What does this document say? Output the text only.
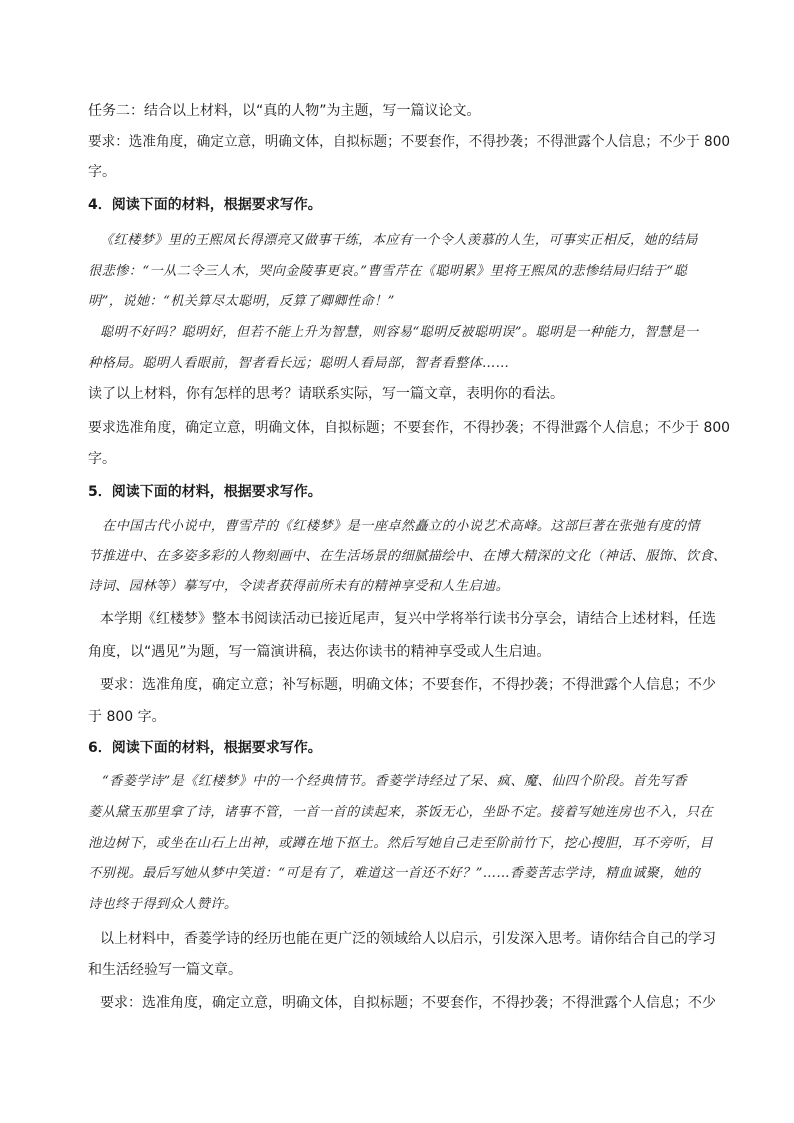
任务二：结合以上材料，以“真的人物”为主题，写一篇议论文。
要求：选准角度，确定立意，明确文体，自拟标题；不要套作，不得抄袭；不得泄露个人信息；不少于 800
字。
4．阅读下面的材料，根据要求写作。
《红楼梦》里的王熙凤长得漂亮又做事干练，本应有一个令人羡慕的人生，可事实正相反，她的结局
很悲惨：“一从二令三人木，哭向金陵事更哀。”曹雪芹在《聪明累》里将王熙凤的悲惨结局归结于“聪
明”，说她：“机关算尽太聪明，反算了卿卿性命！”
聪明不好吗？聪明好，但若不能上升为智慧，则容易“聪明反被聪明误”。聪明是一种能力，智慧是一
种格局。聪明人看眼前，智者看长远；聪明人看局部，智者看整体……
读了以上材料，你有怎样的思考？请联系实际，写一篇文章，表明你的看法。
要求选准角度，确定立意，明确文体，自拟标题；不要套作，不得抄袭；不得泄露个人信息；不少于 800
字。
5．阅读下面的材料，根据要求写作。
在中国古代小说中，曹雪芹的《红楼梦》是一座卓然矗立的小说艺术高峰。这部巨著在张弛有度的情
节推进中、在多姿多彩的人物刻画中、在生活场景的细腻描绘中、在博大精深的文化（神话、服饰、饮食、
诗词、园林等）摹写中，令读者获得前所未有的精神享受和人生启迪。
本学期《红楼梦》整本书阅读活动已接近尾声，复兴中学将举行读书分享会，请结合上述材料，任选
角度，以“遇见”为题，写一篇演讲稿，表达你读书的精神享受或人生启迪。
要求：选准角度，确定立意；补写标题，明确文体；不要套作，不得抄袭；不得泄露个人信息；不少
于 800 字。
6．阅读下面的材料，根据要求写作。
“香菱学诗”是《红楼梦》中的一个经典情节。香菱学诗经过了呆、疯、魔、仙四个阶段。首先写香
菱从黛玉那里拿了诗，诸事不管，一首一首的读起来，茶饭无心，坐卧不定。接着写她连房也不入，只在
池边树下，或坐在山石上出神，或蹲在地下抠土。然后写她自己走至阶前竹下，挖心搜胆，耳不旁听，目
不别视。最后写她从梦中笑道：“可是有了，难道这一首还不好？”……香菱苦志学诗，精血诚聚，她的
诗也终于得到众人赞许。
以上材料中，香菱学诗的经历也能在更广泛的领域给人以启示，引发深入思考。请你结合自己的学习
和生活经验写一篇文章。
要求：选准角度，确定立意，明确文体，自拟标题；不要套作，不得抄袭；不得泄露个人信息；不少
